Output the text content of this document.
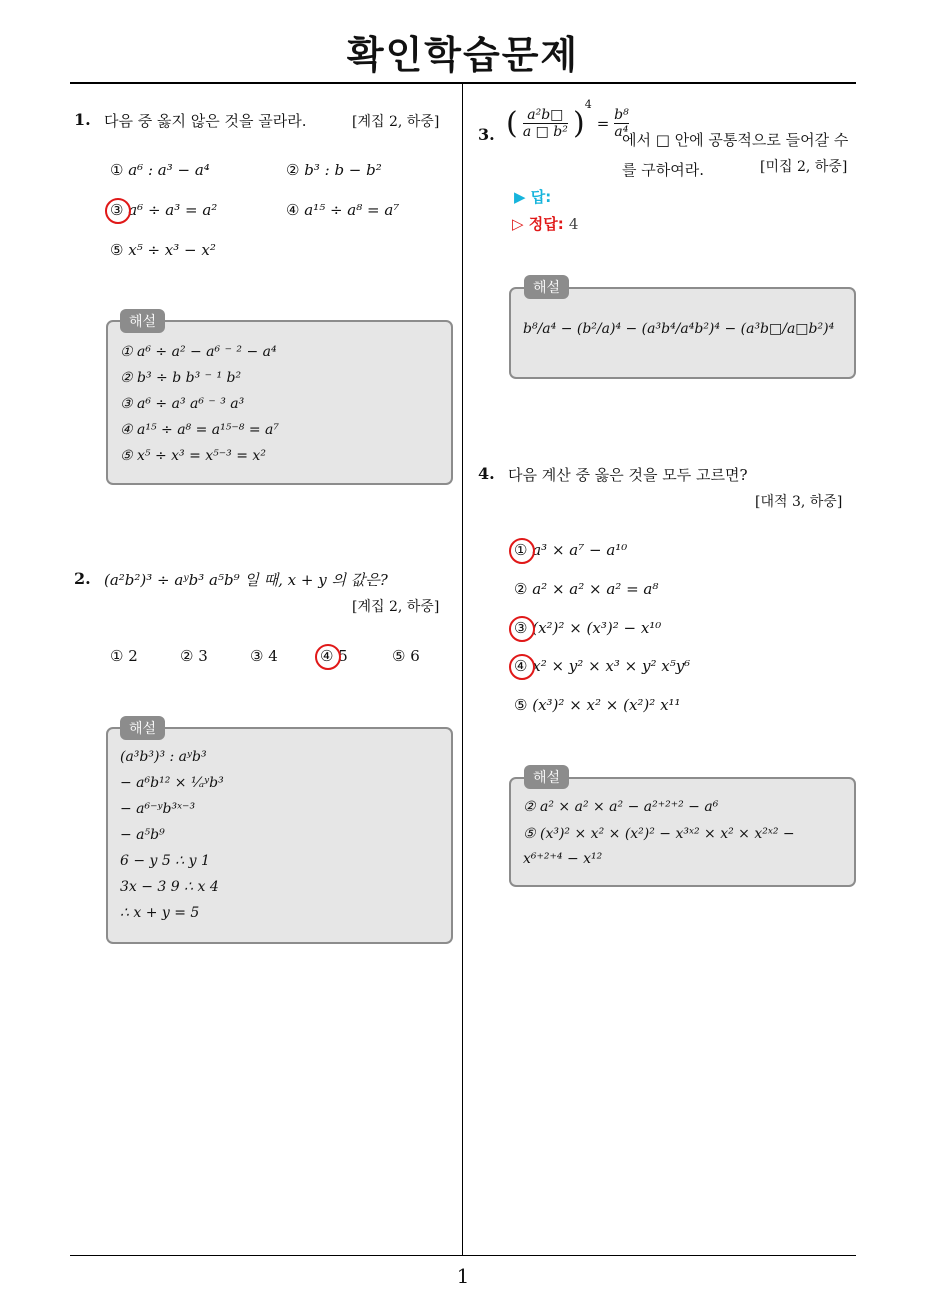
확인학습문제
1. 다음 중 옳지 않은 것을 골라라.	[계집 2, 하중]
① a⁶ : a³ − a⁴	② b³ : b − b²
③ a⁶ ÷ a³ = a²	④ a¹⁵ ÷ a⁸ = a⁷
⑤ x⁵ ÷ x³ − x²
① a⁶ ÷ a² − a⁶ ⁻ ² − a⁴
② b³ ÷ b b³ ⁻ ¹ b²
③ a⁶ ÷ a³ a⁶ ⁻ ³ a³
④ a¹⁵ ÷ a⁸ = a¹⁵⁻⁸ = a⁷
⑤ x⁵ ÷ x³ = x⁵⁻³ = x²
해설
2. (a²b²)³ ÷ aʸb³ a⁵b⁹ 일 때, x + y 의 값은?
[계집 2, 하중]
① 2	② 3	③ 4	④ 5	⑤ 6
(a³b³)³ : aʸb³
− a⁶b¹² × ¹⁄ₐʸb³
− a⁶⁻ʸb³ˣ⁻³
− a⁵b⁹
6 − y 5 ∴ y 1
3x − 3 9 ∴ x 4
∴ x + y = 5
해설
3. ( $\frac{\text{a²b□}}{\text{a □ b²}} )^4 = \frac{\text{b⁸}}{\text{a⁴}}$
에서 □ 안에 공통적으로 들어갈 수를 구하여라.	[미집 2, 하중]
▶ 답:
▷ 정답: 4
b⁸/a⁴ − (b²/a)⁴ − (a³b⁴/a⁴b²)⁴ − (a³b□/a□b²)⁴
해설
4. 다음 계산 중 옳은 것을 모두 고르면?
[대적 3, 하중]
① a³ × a⁷ − a¹⁰
② a² × a² × a² = a⁸
③ (x²)² × (x³)² − x¹⁰
④ x² × y² × x³ × y² x⁵y⁶
⑤ (x³)² × x² × (x²)² x¹¹
② a² × a² × a² − a²⁺²⁺² − a⁶
⑤ (x³)² × x² × (x²)² − x³ˣ² × x² × x²ˣ² −
x⁶⁺²⁺⁴ − x¹²
해설
1
